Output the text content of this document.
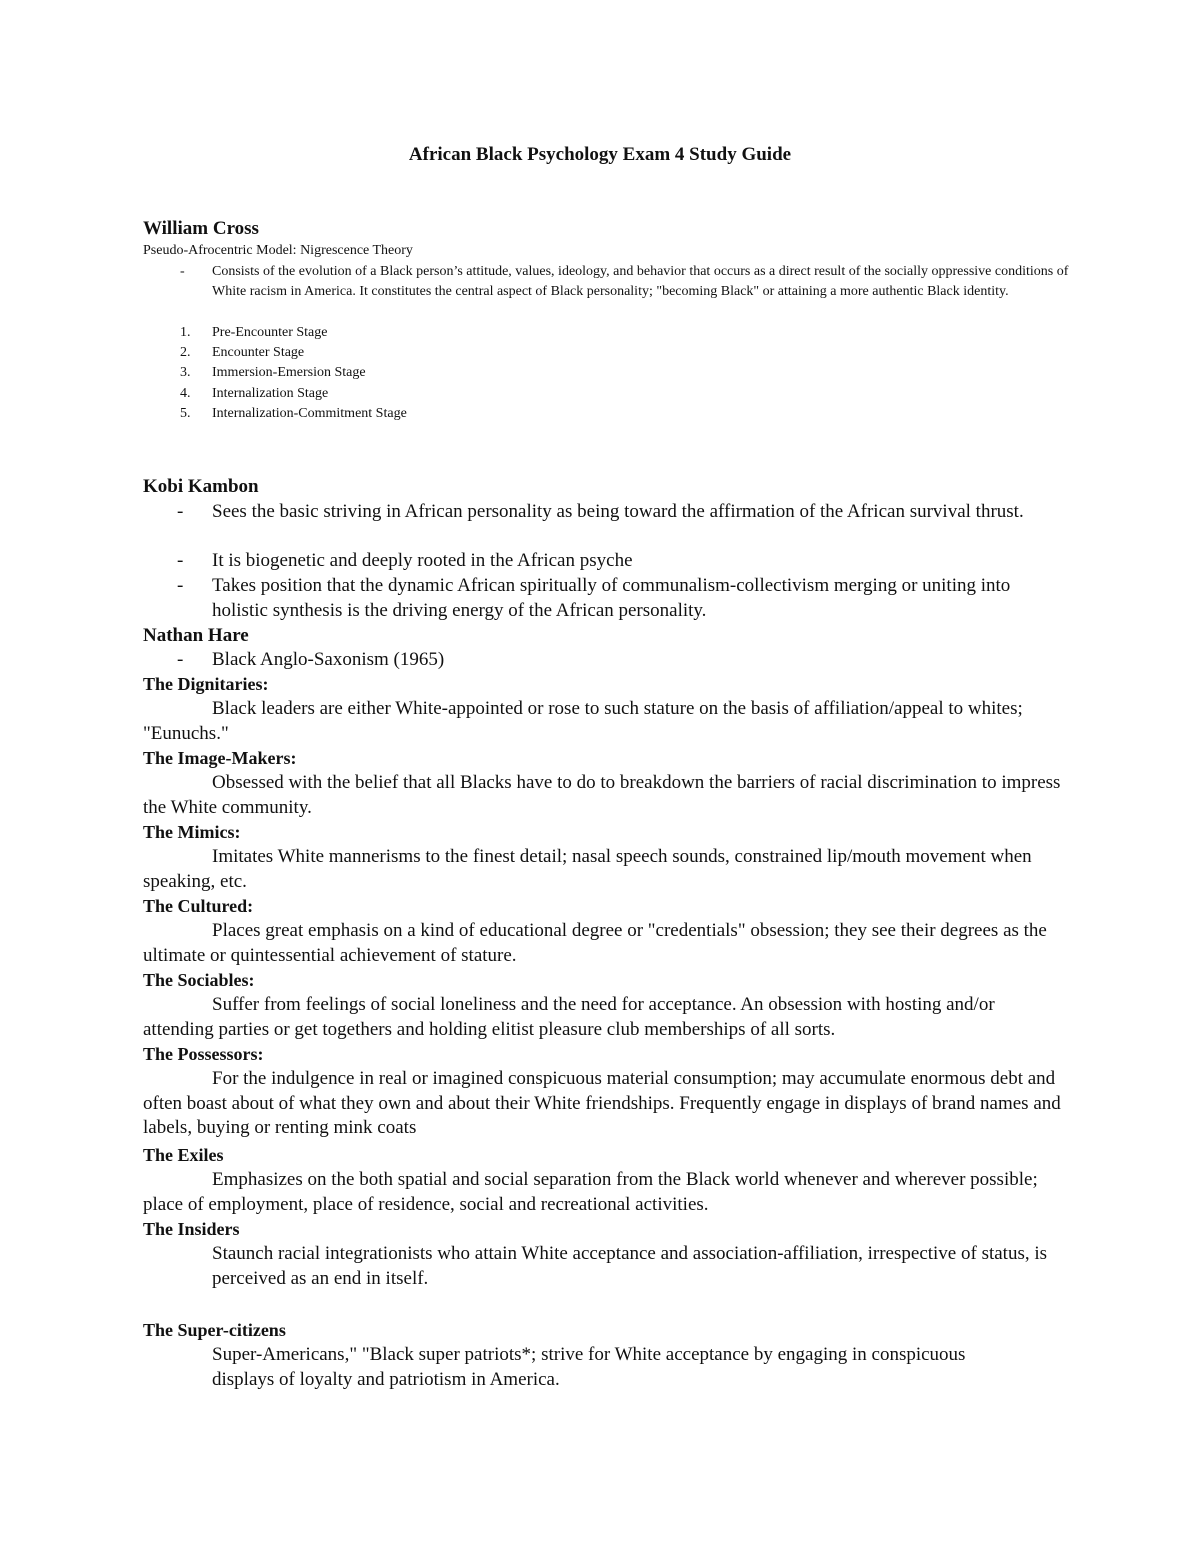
African Black Psychology Exam 4 Study Guide
William Cross
Pseudo-Afrocentric Model: Nigrescence Theory
-	Consists of the evolution of a Black person’s attitude, values, ideology, and behavior that occurs as a direct result of the socially oppressive conditions of White racism in America. It constitutes the central aspect of Black personality; "becoming Black" or attaining a more authentic Black identity.
1.	Pre-Encounter Stage
2.	Encounter Stage
3.	Immersion-Emersion Stage
4.	Internalization Stage
5.	Internalization-Commitment Stage
Kobi Kambon
-	Sees the basic striving in African personality as being toward the affirmation of the African survival thrust.
-	It is biogenetic and deeply rooted in the African psyche
-	Takes position that the dynamic African spiritually of communalism-collectivism merging or uniting into holistic synthesis is the driving energy of the African personality.
Nathan Hare
-	Black Anglo-Saxonism (1965)
The Dignitaries:
Black leaders are either White-appointed or rose to such stature on the basis of affiliation/appeal to whites; "Eunuchs."
The Image-Makers:
Obsessed with the belief that all Blacks have to do to breakdown the barriers of racial discrimination to impress the White community.
The Mimics:
Imitates White mannerisms to the finest detail; nasal speech sounds, constrained lip/mouth movement when speaking, etc.
The Cultured:
Places great emphasis on a kind of educational degree or "credentials" obsession; they see their degrees as the ultimate or quintessential achievement of stature.
The Sociables:
Suffer from feelings of social loneliness and the need for acceptance. An obsession with hosting and/or attending parties or get togethers and holding elitist pleasure club memberships of all sorts.
The Possessors:
For the indulgence in real or imagined conspicuous material consumption; may accumulate enormous debt and often boast about of what they own and about their White friendships. Frequently engage in displays of brand names and labels, buying or renting mink coats
The Exiles
Emphasizes on the both spatial and social separation from the Black world whenever and wherever possible; place of employment, place of residence, social and recreational activities.
The Insiders
Staunch racial integrationists who attain White acceptance and association-affiliation, irrespective of status, is perceived as an end in itself.
The Super-citizens
Super-Americans," "Black super patriots*; strive for White acceptance by engaging in conspicuous displays of loyalty and patriotism in America.
